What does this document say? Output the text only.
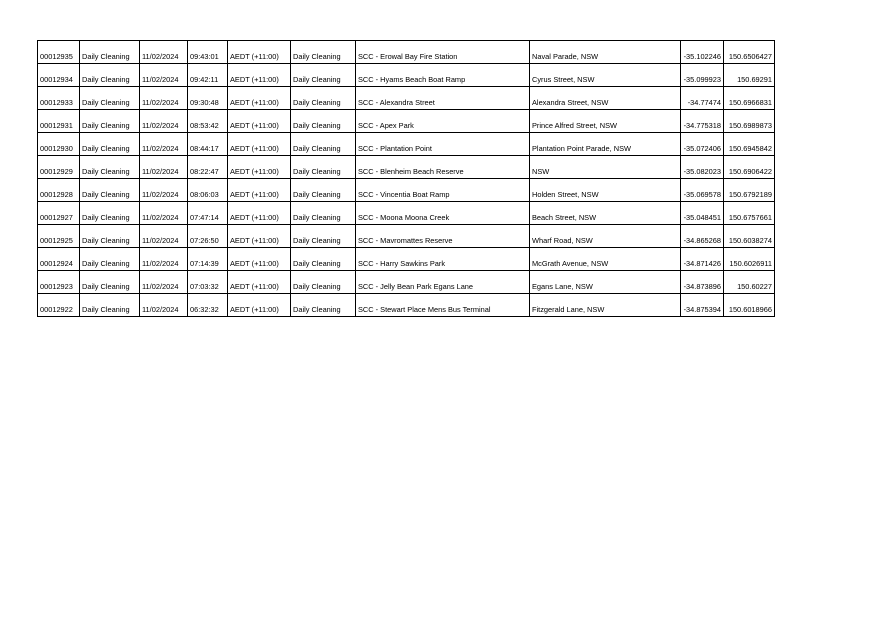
00012935	Daily Cleaning	11/02/2024	09:43:01	AEDT (+11:00)	Daily Cleaning	SCC - Erowal Bay Fire Station	Naval Parade, NSW	-35.102246	150.6506427
00012934	Daily Cleaning	11/02/2024	09:42:11	AEDT (+11:00)	Daily Cleaning	SCC - Hyams Beach Boat Ramp	Cyrus Street, NSW	-35.099923	150.69291
00012933	Daily Cleaning	11/02/2024	09:30:48	AEDT (+11:00)	Daily Cleaning	SCC - Alexandra Street	Alexandra Street, NSW	-34.77474	150.6966831
00012931	Daily Cleaning	11/02/2024	08:53:42	AEDT (+11:00)	Daily Cleaning	SCC - Apex Park	Prince Alfred Street, NSW	-34.775318	150.6989873
00012930	Daily Cleaning	11/02/2024	08:44:17	AEDT (+11:00)	Daily Cleaning	SCC - Plantation Point	Plantation Point Parade, NSW	-35.072406	150.6945842
00012929	Daily Cleaning	11/02/2024	08:22:47	AEDT (+11:00)	Daily Cleaning	SCC - Blenheim Beach Reserve	NSW	-35.082023	150.6906422
00012928	Daily Cleaning	11/02/2024	08:06:03	AEDT (+11:00)	Daily Cleaning	SCC - Vincentia Boat Ramp	Holden Street, NSW	-35.069578	150.6792189
00012927	Daily Cleaning	11/02/2024	07:47:14	AEDT (+11:00)	Daily Cleaning	SCC - Moona Moona Creek	Beach Street, NSW	-35.048451	150.6757661
00012925	Daily Cleaning	11/02/2024	07:26:50	AEDT (+11:00)	Daily Cleaning	SCC - Mavromattes Reserve	Wharf Road, NSW	-34.865268	150.6038274
00012924	Daily Cleaning	11/02/2024	07:14:39	AEDT (+11:00)	Daily Cleaning	SCC - Harry Sawkins Park	McGrath Avenue, NSW	-34.871426	150.6026911
00012923	Daily Cleaning	11/02/2024	07:03:32	AEDT (+11:00)	Daily Cleaning	SCC - Jelly Bean Park Egans Lane	Egans Lane, NSW	-34.873896	150.60227
00012922	Daily Cleaning	11/02/2024	06:32:32	AEDT (+11:00)	Daily Cleaning	SCC - Stewart Place Mens Bus Terminal	Fitzgerald Lane, NSW	-34.875394	150.6018966
